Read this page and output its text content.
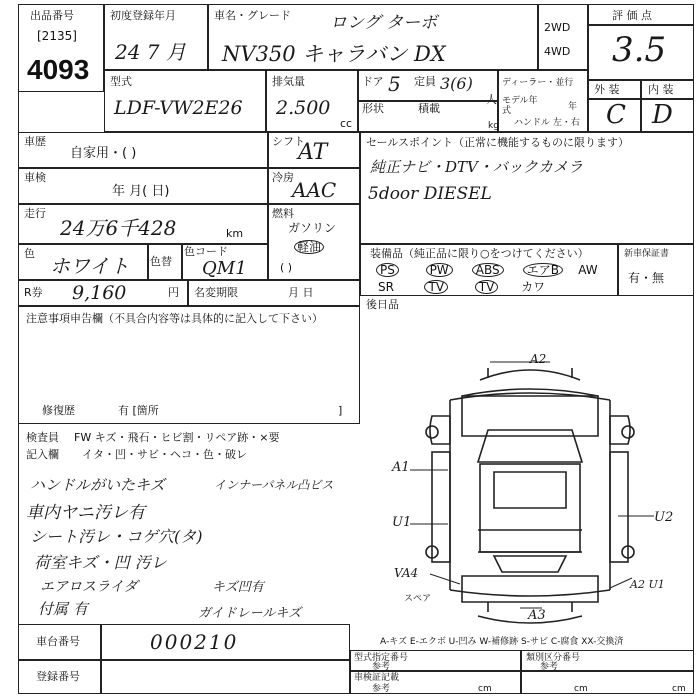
出品番号
[2135]
4093
初度登録年月
24 7 月
車名・グレード ロング ターボ
NV350 キャラバン DX
2WD
4WD
評 価 点
3.5
型式
LDF-VW2E26
排気量
2.500
cc
ドア 5 定員 3(6)
形状	積載
kg
ディーラー・並行
モデル年式	年
ハンドル 左・右
外 装	内 装
C D
車歴
自家用・( )
シフト
AT
車検
年 月( 日)
冷房
AAC
走行
24万6千428	km
燃料
ガソリン
軽油
( )
色
ホワイト 色替
色コード
QM1
R券 9,160	円 名変期限	月 日
セールスポイント（正常に機能するものに限ります）
純正ナビ・DTV・バックカメラ
5door DIESEL
装備品（純正品に限り○をつけてください）
PS	PW ABS エアB AW
SR	TV	TV カワ
新車保証書
有・無
後日品
注意事項申告欄（不具合内容等は具体的に記入して下さい）
修復歴	有 [箇所	]
検査員 FW キズ・飛石・ヒビ割・リペア跡・×要
記入欄 イタ・凹・サビ・ヘコ・色・破レ
ハンドルがいたキズ
車内ヤニ汚レ有
シート汚レ・コゲ穴(タ)
荷室キズ・凹 汚レ
エアロスライダ
付属 有
インナーパネル凸ビス
キズ凹有
ガイドレールキズ
車台番号	000210
登録番号
A-キズ E-エクボ U-凹み W-補修跡 S-サビ C-腐食 XX-交換済
型式指定番号
参考
類別区分番号
参考
車検証記載
参考	cm	cm	cm
A2
A1
U1	U2
VA4
A2 U1
A3
スペア
